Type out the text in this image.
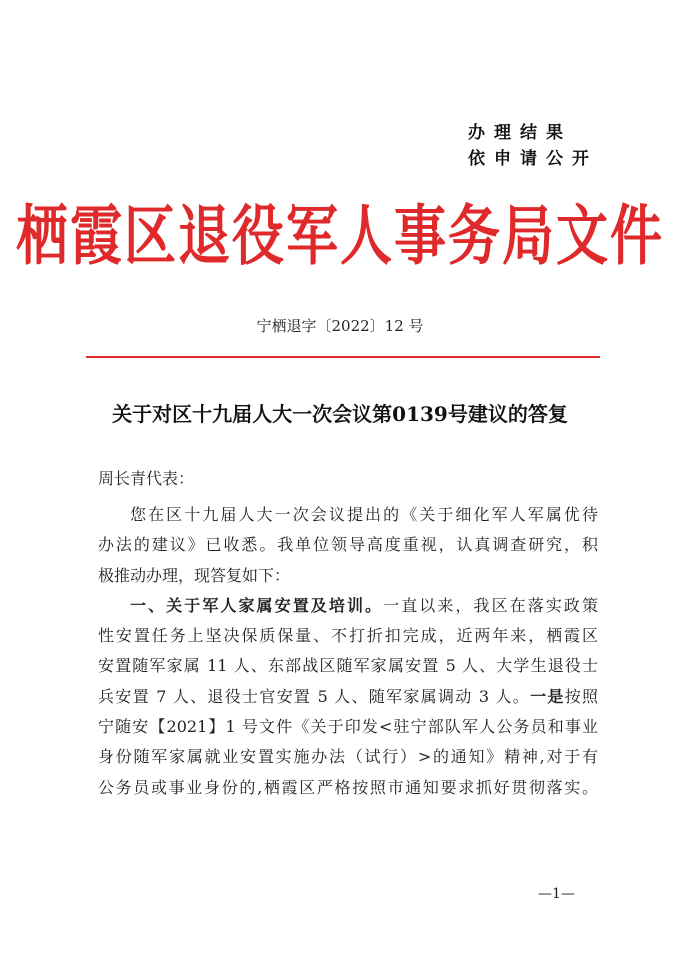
办理结果
依申请公开
栖霞区退役军人事务局文件
宁栖退字〔2022〕12 号
关于对区十九届人大一次会议第0139号建议的答复
周长青代表：
您在区十九届人大一次会议提出的《关于细化军人军属优待
办法的建议》已收悉。我单位领导高度重视，认真调查研究，积
极推动办理，现答复如下：
一、关于军人家属安置及培训。一直以来，我区在落实政策
性安置任务上坚决保质保量、不打折扣完成，近两年来，栖霞区
安置随军家属 11 人、东部战区随军家属安置 5 人、大学生退役士
兵安置 7 人、退役士官安置 5 人、随军家属调动 3 人。一是按照
宁随安【2021】1 号文件《关于印发<驻宁部队军人公务员和事业
身份随军家属就业安置实施办法（试行）>的通知》精神,对于有
公务员或事业身份的,栖霞区严格按照市通知要求抓好贯彻落实。
—1—
